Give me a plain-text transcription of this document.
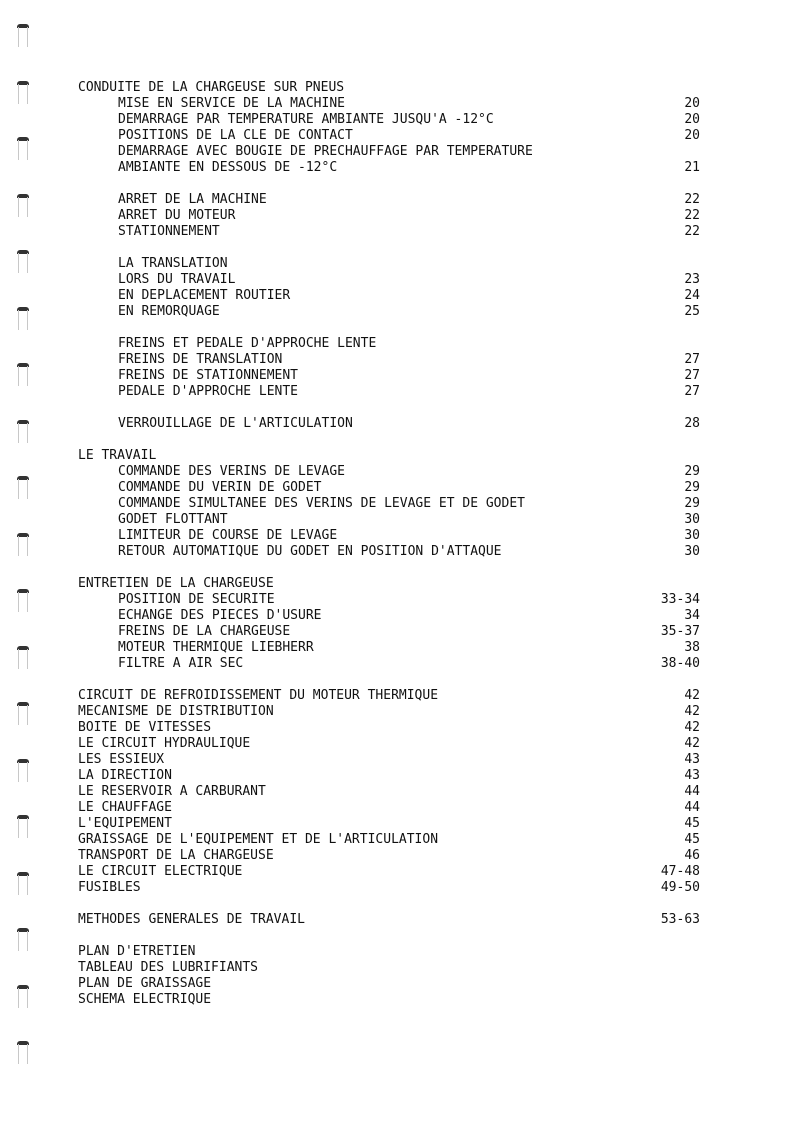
CONDUITE DE LA CHARGEUSE SUR PNEUS
MISE EN SERVICE DE LA MACHINE	20
DEMARRAGE PAR TEMPERATURE AMBIANTE JUSQU'A -12°C	20
POSITIONS DE LA CLE DE CONTACT	20
DEMARRAGE AVEC BOUGIE DE PRECHAUFFAGE PAR TEMPERATURE
AMBIANTE EN DESSOUS DE -12°C	21
ARRET DE LA MACHINE	22
ARRET DU MOTEUR	22
STATIONNEMENT	22
LA TRANSLATION
LORS DU TRAVAIL	23
EN DEPLACEMENT ROUTIER	24
EN REMORQUAGE	25
FREINS ET PEDALE D'APPROCHE LENTE
FREINS DE TRANSLATION	27
FREINS DE STATIONNEMENT	27
PEDALE D'APPROCHE LENTE	27
VERROUILLAGE DE L'ARTICULATION	28
LE TRAVAIL
COMMANDE DES VERINS DE LEVAGE	29
COMMANDE DU VERIN DE GODET	29
COMMANDE SIMULTANEE DES VERINS DE LEVAGE ET DE GODET	29
GODET FLOTTANT	30
LIMITEUR DE COURSE DE LEVAGE	30
RETOUR AUTOMATIQUE DU GODET EN POSITION D'ATTAQUE	30
ENTRETIEN DE LA CHARGEUSE
POSITION DE SECURITE	33-34
ECHANGE DES PIECES D'USURE	34
FREINS DE LA CHARGEUSE	35-37
MOTEUR THERMIQUE LIEBHERR	38
FILTRE A AIR SEC	38-40
CIRCUIT DE REFROIDISSEMENT DU MOTEUR THERMIQUE	42
MECANISME DE DISTRIBUTION	42
BOITE DE VITESSES	42
LE CIRCUIT HYDRAULIQUE	42
LES ESSIEUX	43
LA DIRECTION	43
LE RESERVOIR A CARBURANT	44
LE CHAUFFAGE	44
L'EQUIPEMENT	45
GRAISSAGE DE L'EQUIPEMENT ET DE L'ARTICULATION	45
TRANSPORT DE LA CHARGEUSE	46
LE CIRCUIT ELECTRIQUE	47-48
FUSIBLES	49-50
METHODES GENERALES DE TRAVAIL	53-63
PLAN D'ETRETIEN
TABLEAU DES LUBRIFIANTS
PLAN DE GRAISSAGE
SCHEMA ELECTRIQUE
